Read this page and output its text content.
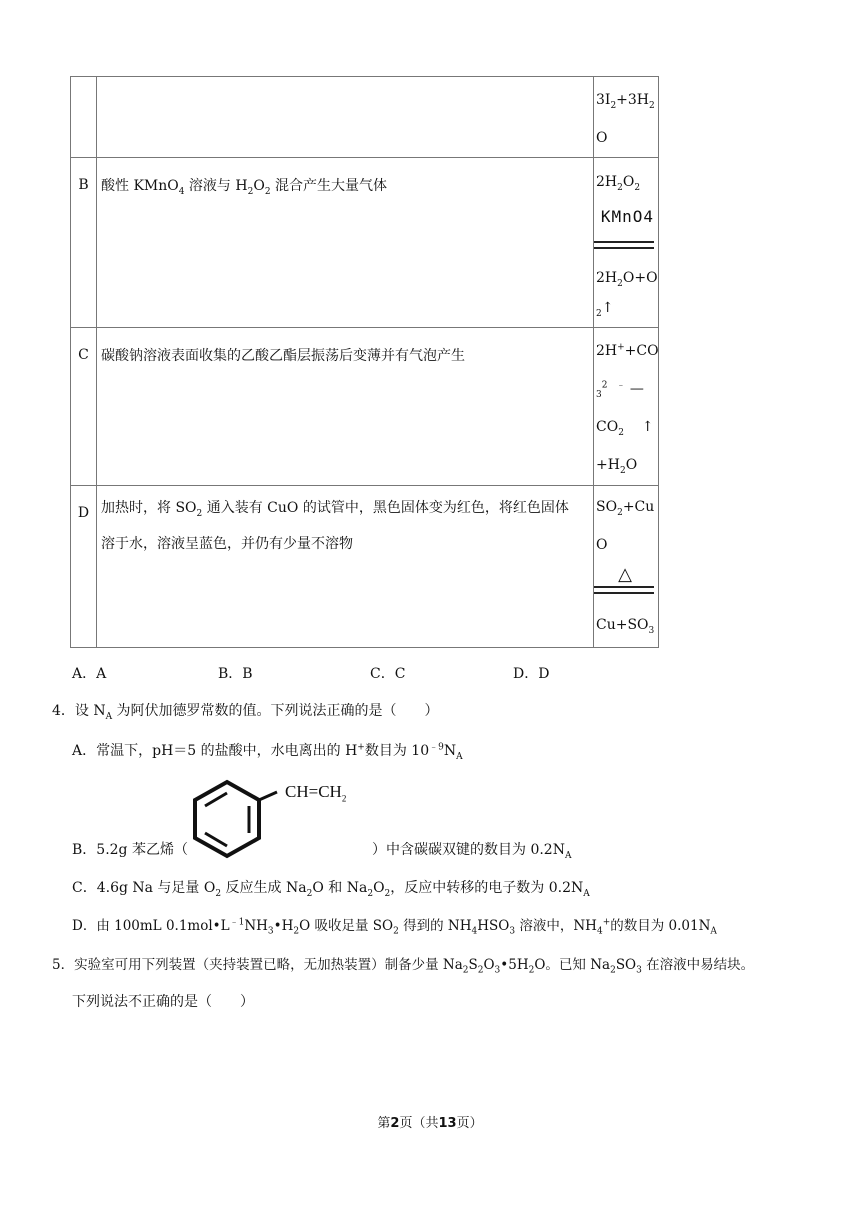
		$3I_2+3H_2$
O

B	酸性 KMnO$_4$ 溶液与 $H_2O_2$ 混合产生大量气体	$2H_2O_2$
KMnO4
$2H_2O+O$
$_2$↑

C	碳酸钠溶液表面收集的乙酸乙酯层振荡后变薄并有气泡产生	2H++CO
$_3^2$ ﹣ —
$CO_2$ ↑
$+H_2O$

D	加热时，将 $SO_2$ 通入装有 CuO 的试管中，黑色固体变为红色，将红色固体
溶于水，溶液呈蓝色，并仍有少量不溶物	$SO_2+Cu$
O
△
$Cu+SO_3$
A．A	B．B	C．C	D．D
4．设 $N_A$ 为阿伏加德罗常数的值。下列说法正确的是（　　）
A．常温下，pH＝5 的盐酸中，水电离出的 H+数目为 $10^{﹣9}N_A$
$CH=CH_2$
B．5.2g 苯乙烯（	）中含碳碳双键的数目为 $0.2N_A$
C．4.6g Na 与足量 $O_2$ 反应生成 $Na_2O$ 和 $Na_2O_2$，反应中转移的电子数为 $0.2N_A$
D．由 100mL $0.1mol•L^{﹣1}NH_3•H_2O$ 吸收足量 $SO_2$ 得到的 $NH_4HSO_3$ 溶液中，$NH_4^+$的数目为 $0.01N_A$
5．实验室可用下列装置（夹持装置已略，无加热装置）制备少量 $Na_2S_2O_3•5H_2O$。已知 $Na_2SO_3$ 在溶液中易结块。
下列说法不正确的是（　　）
第2页（共13页）
